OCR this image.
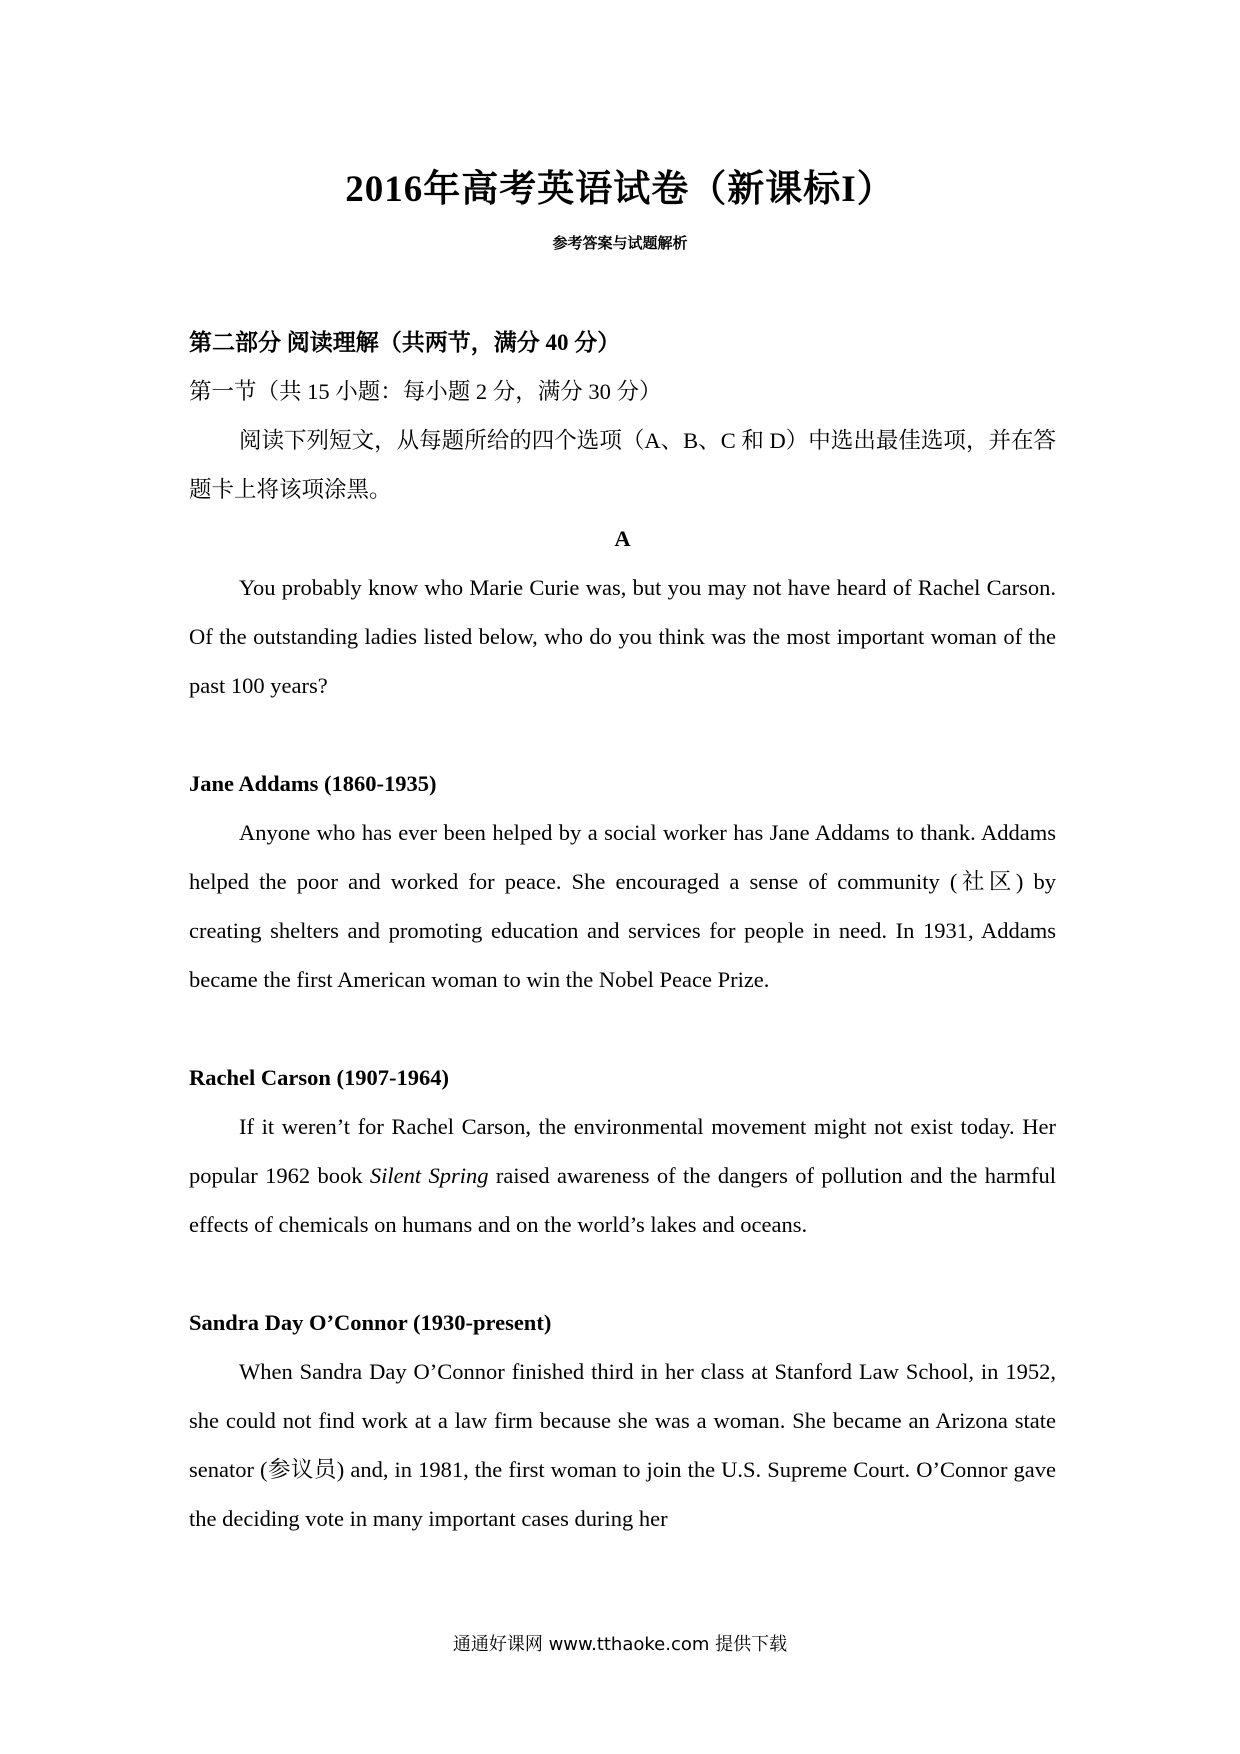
2016年高考英语试卷（新课标I）
参考答案与试题解析

第二部分 阅读理解（共两节，满分 40 分）

第一节（共 15 小题：每小题 2 分，满分 30 分）

阅读下列短文，从每题所给的四个选项（A、B、C 和 D）中选出最佳选项，并在答题卡上将该项涂黑。

A

You probably know who Marie Curie was, but you may not have heard of Rachel Carson. Of the outstanding ladies listed below, who do you think was the most important woman of the past 100 years?

Jane Addams (1860-1935)

Anyone who has ever been helped by a social worker has Jane Addams to thank. Addams helped the poor and worked for peace. She encouraged a sense of community (社区) by creating shelters and promoting education and services for people in need. In 1931, Addams became the first American woman to win the Nobel Peace Prize.

Rachel Carson (1907-1964)

If it weren’t for Rachel Carson, the environmental movement might not exist today. Her popular 1962 book Silent Spring raised awareness of the dangers of pollution and the harmful effects of chemicals on humans and on the world’s lakes and oceans.

Sandra Day O’Connor (1930-present)

When Sandra Day O’Connor finished third in her class at Stanford Law School, in 1952, she could not find work at a law firm because she was a woman. She became an Arizona state senator (参议员) and, in 1981, the first woman to join the U.S. Supreme Court. O’Connor gave the deciding vote in many important cases during her

通通好课网 www.tthaoke.com 提供下载
